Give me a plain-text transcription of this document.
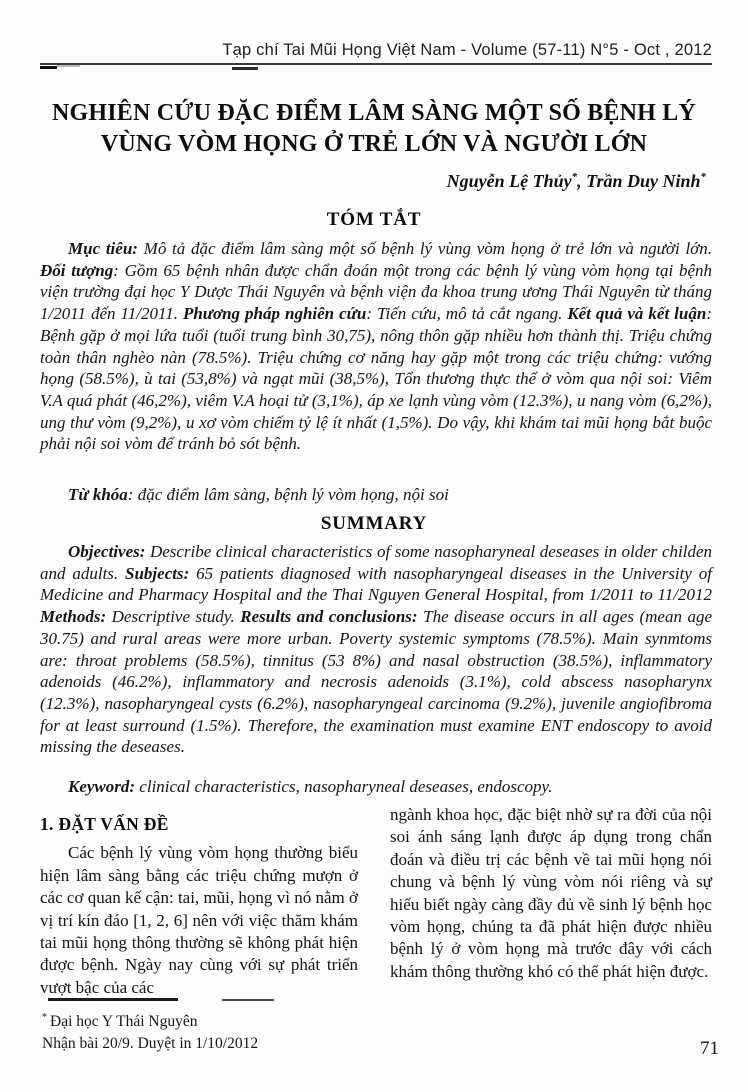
Tạp chí Tai Mũi Họng Việt Nam - Volume (57-11) N°5 - Oct , 2012
NGHIÊN CỨU ĐẶC ĐIỂM LÂM SÀNG MỘT SỐ BỆNH LÝ
VÙNG VÒM HỌNG Ở TRẺ LỚN VÀ NGƯỜI LỚN
Nguyễn Lệ Thủy*, Trần Duy Ninh*
TÓM TẮT

Mục tiêu: Mô tả đặc điểm lâm sàng một số bệnh lý vùng vòm họng ở trẻ lớn và người lớn. Đối tượng: Gồm 65 bệnh nhân được chẩn đoán một trong các bệnh lý vùng vòm họng tại bệnh viện trường đại học Y Dược Thái Nguyên và bệnh viện đa khoa trung ương Thái Nguyên từ tháng 1/2011 đến 11/2011. Phương pháp nghiên cứu: Tiến cứu, mô tả cắt ngang. Kết quả và kết luận: Bệnh gặp ở mọi lứa tuổi (tuổi trung bình 30,75), nông thôn gặp nhiều hơn thành thị. Triệu chứng toàn thân nghèo nàn (78.5%). Triệu chứng cơ năng hay gặp một trong các triệu chứng: vướng họng (58.5%), ù tai (53,8%) và ngạt mũi (38,5%), Tổn thương thực thể ở vòm qua nội soi: Viêm V.A quá phát (46,2%), viêm V.A hoại tử (3,1%), áp xe lạnh vùng vòm (12.3%), u nang vòm (6,2%), ung thư vòm (9,2%), u xơ vòm chiếm tỷ lệ ít nhất (1,5%). Do vậy, khi khám tai mũi họng bắt buộc phải nội soi vòm để tránh bỏ sót bệnh.

Từ khóa: đặc điểm lâm sàng, bệnh lý vòm họng, nội soi

SUMMARY

Objectives: Describe clinical characteristics of some nasopharyneal deseases in older childen and adults. Subjects: 65 patients diagnosed with nasopharyngeal diseases in the University of Medicine and Pharmacy Hospital and the Thai Nguyen General Hospital, from 1/2011 to 11/2012 Methods: Descriptive study. Results and conclusions: The disease occurs in all ages (mean age 30.75) and rural areas were more urban. Poverty systemic symptoms (78.5%). Main synmtoms are: throat problems (58.5%), tinnitus (53 8%) and nasal obstruction (38.5%), inflammatory adenoids (46.2%), inflammatory and necrosis adenoids (3.1%), cold abscess nasopharynx (12.3%), nasopharyngeal cysts (6.2%), nasopharyngeal carcinoma (9.2%), juvenile angiofibroma for at least surround (1.5%). Therefore, the examination must examine ENT endoscopy to avoid missing the deseases.

Keyword: clinical characteristics, nasopharyneal deseases, endoscopy.

1. ĐẶT VẤN ĐỀ

Các bệnh lý vùng vòm họng thường biểu hiện lâm sàng bằng các triệu chứng mượn ở các cơ quan kế cận: tai, mũi, họng vì nó nằm ở vị trí kín đáo [1, 2, 6] nên với việc thăm khám tai mũi họng thông thường sẽ không phát hiện được bệnh. Ngày nay cùng với sự phát triển vượt bậc của các

ngành khoa học, đặc biệt nhờ sự ra đời của nội soi ánh sáng lạnh được áp dụng trong chẩn đoán và điều trị các bệnh về tai mũi họng nói chung và bệnh lý vùng vòm nói riêng và sự hiểu biết ngày càng đầy đủ về sinh lý bệnh học vòm họng, chúng ta đã phát hiện được nhiều bệnh lý ở vòm họng mà trước đây với cách khám thông thường khó có thể phát hiện được.

* Đại học Y Thái Nguyên
Nhận bài 20/9. Duyệt in 1/10/2012	71
